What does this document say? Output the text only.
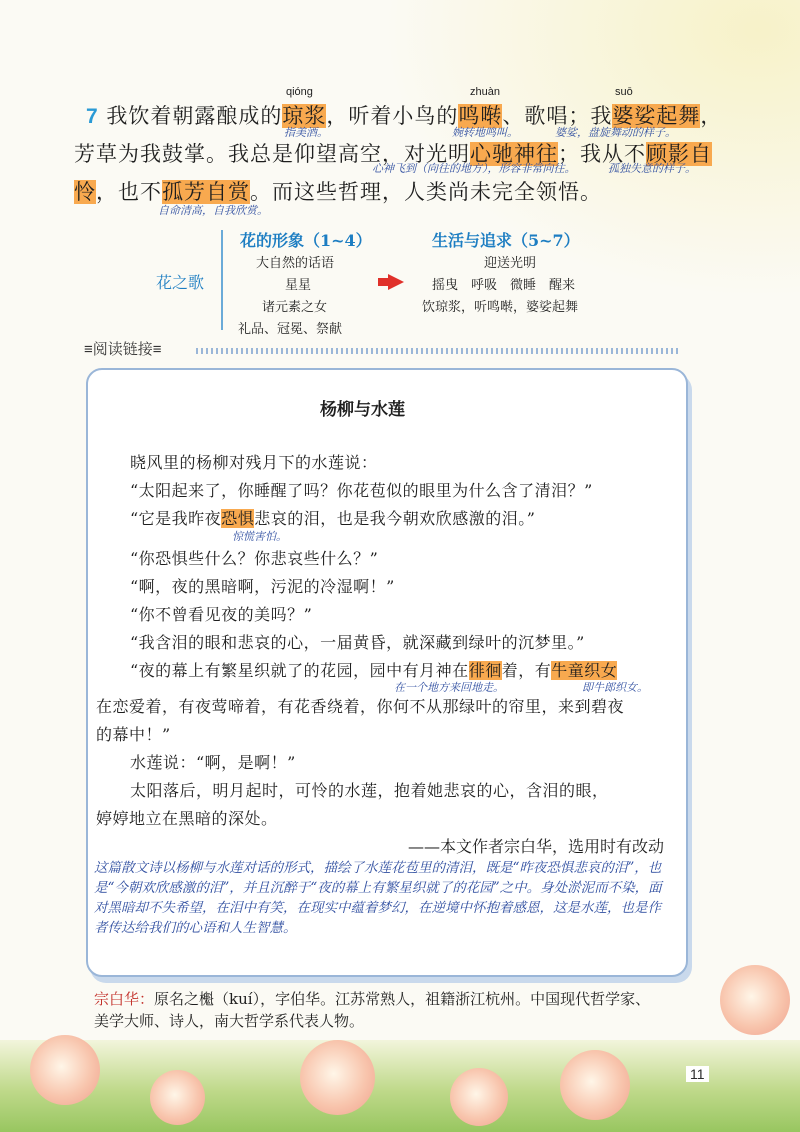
qióng	zhuàn	suō
7 我饮着朝露酿成的琼浆，听着小鸟的鸣啭、歌唱；我婆娑起舞，
指美酒。	婉转地鸣叫。	婆娑，盘旋舞动的样子。
芳草为我鼓掌。我总是仰望高空，对光明心驰神往；我从不顾影自
心神飞到（向往的地方），形容非常向往。	孤独失意的样子。
怜，也不孤芳自赏。而这些哲理，人类尚未完全领悟。
自命清高，自我欣赏。
花之歌
花的形象（1~4）
大自然的话语
星星
诸元素之女
礼品、冠冕、祭献
生活与追求（5~7）
迎送光明
摇曳　呼吸　微睡　醒来
饮琼浆，听鸣啭，婆娑起舞
≡阅读链接≡
杨柳与水莲
晓风里的杨柳对残月下的水莲说：
“太阳起来了，你睡醒了吗？你花苞似的眼里为什么含了清泪？”
“它是我昨夜恐惧悲哀的泪，也是我今朝欢欣感激的泪。”
惊慌害怕。
“你恐惧些什么？你悲哀些什么？”
“啊，夜的黑暗啊，污泥的冷湿啊！”
“你不曾看见夜的美吗？”
“我含泪的眼和悲哀的心，一届黄昏，就深藏到绿叶的沉梦里。”
“夜的幕上有繁星织就了的花园，园中有月神在徘徊着，有牛童织女
在一个地方来回地走。	即牛郎织女。
在恋爱着，有夜莺啼着，有花香绕着，你何不从那绿叶的帘里，来到碧夜
的幕中！”
水莲说：“啊，是啊！”
太阳落后，明月起时，可怜的水莲，抱着她悲哀的心，含泪的眼，
婷婷地立在黑暗的深处。
——本文作者宗白华，选用时有改动
这篇散文诗以杨柳与水莲对话的形式，描绘了水莲花苞里的清泪，既是“昨夜恐惧悲哀的泪”，也是“今朝欢欣感激的泪”，并且沉醉于“夜的幕上有繁星织就了的花园”之中。身处淤泥而不染，面对黑暗却不失希望，在泪中有笑，在现实中蕴着梦幻，在逆境中怀抱着感恩，这是水莲，也是作者传达给我们的心语和人生智慧。
宗白华：原名之櫆（kuí），字伯华。江苏常熟人，祖籍浙江杭州。中国现代哲学家、美学大师、诗人，南大哲学系代表人物。
11
